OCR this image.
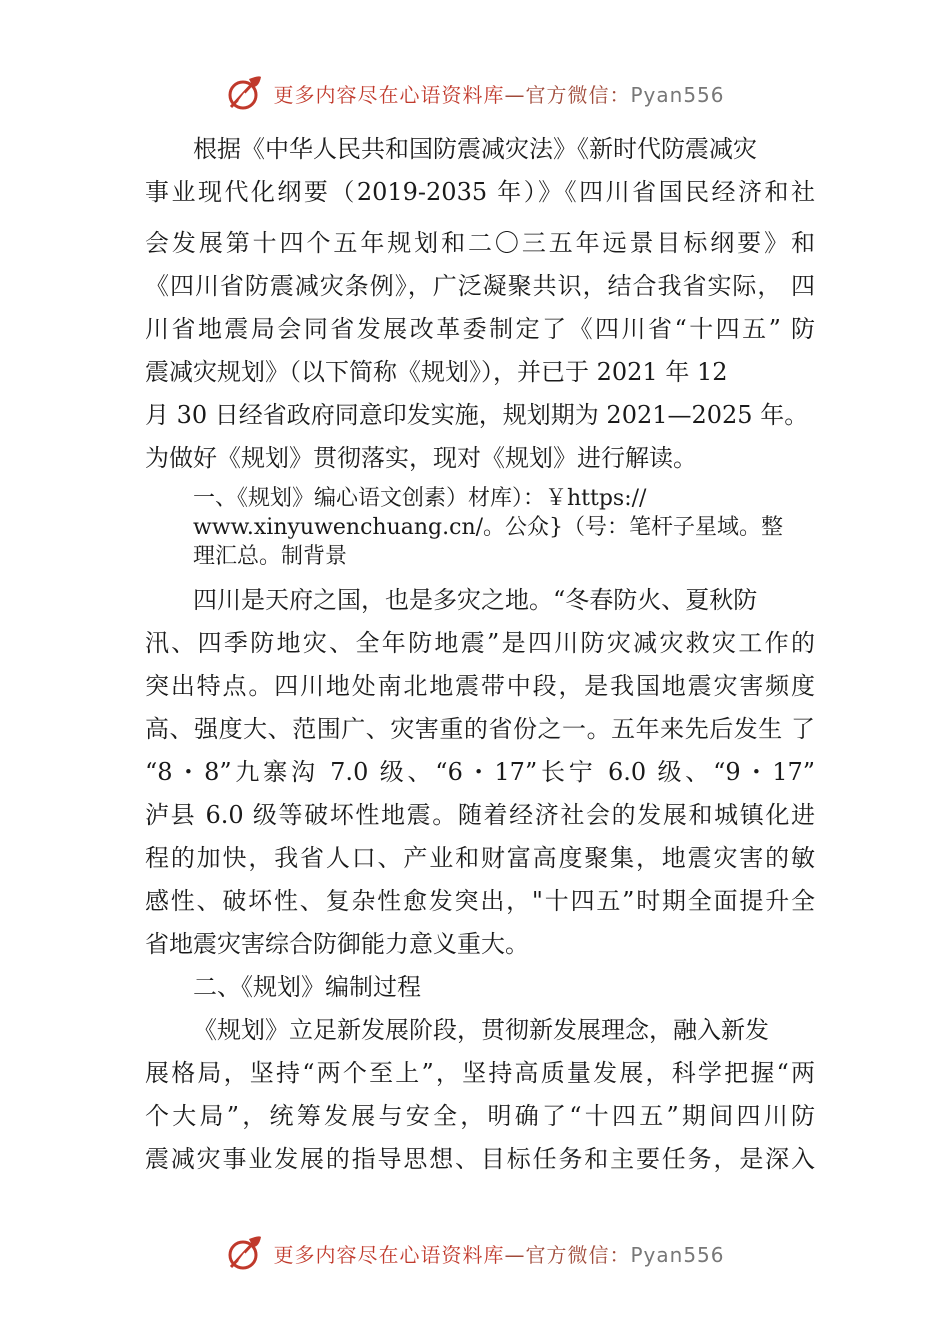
更多内容尽在心语资料库—官方微信：Pyan556
根据《中华人民共和国防震减灾法》《新时代防震减灾
事业现代化纲要（2019-2035 年）》《四川省国民经济和社
会发展第十四个五年规划和二〇三五年远景目标纲要》和
《四川省防震减灾条例》，广泛凝聚共识，结合我省实际， 四
川省地震局会同省发展改革委制定了《四川省“十四五” 防
震减灾规划》（以下简称《规划》），并已于 2021 年 12
月 30 日经省政府同意印发实施，规划期为 2021—2025 年。
为做好《规划》贯彻落实，现对《规划》进行解读。
一、《规划》编心语文创素）材库）：￥https://
www.xinyuwenchuang.cn/。公众}（号：笔杆子星域。整
理汇总。制背景
四川是天府之国，也是多灾之地。“冬春防火、夏秋防
汛、四季防地灾、全年防地震”是四川防灾减灾救灾工作的
突出特点。四川地处南北地震带中段，是我国地震灾害频度
高、强度大、范围广、灾害重的省份之一。五年来先后发生 了
“8・8”九寨沟 7.0 级、“6・17”长宁 6.0 级、“9・17”
泸县 6.0 级等破坏性地震。随着经济社会的发展和城镇化进
程的加快，我省人口、产业和财富高度聚集，地震灾害的敏
感性、破坏性、复杂性愈发突出，"十四五”时期全面提升全
省地震灾害综合防御能力意义重大。
二、《规划》编制过程
《规划》立足新发展阶段，贯彻新发展理念，融入新发
展格局，坚持“两个至上”，坚持高质量发展，科学把握“两
个大局”，统筹发展与安全，明确了“十四五”期间四川防
震减灾事业发展的指导思想、目标任务和主要任务，是深入
更多内容尽在心语资料库—官方微信：Pyan556
